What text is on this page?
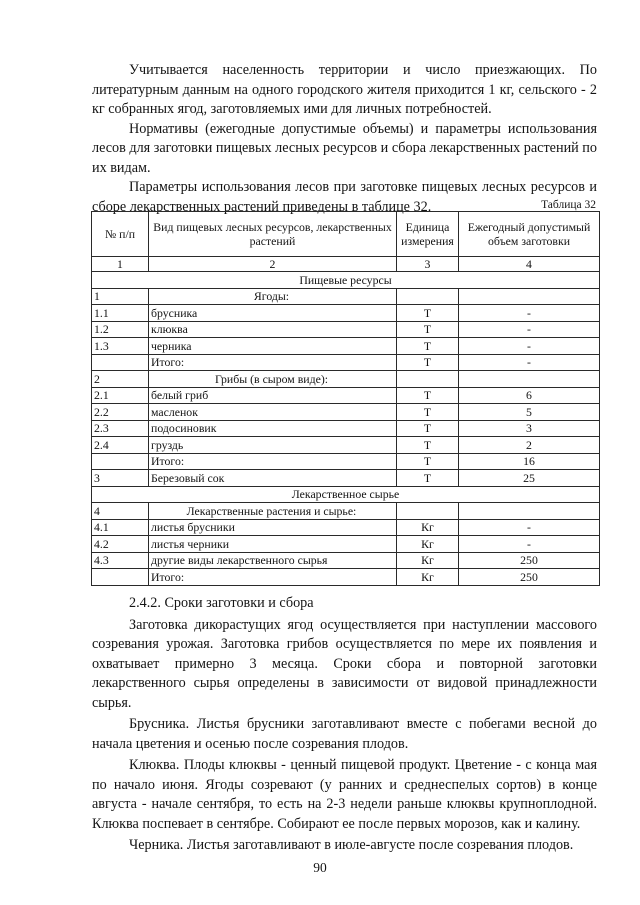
Учитывается населенность территории и число приезжающих. По литературным данным на одного городского жителя приходится 1 кг, сельского - 2 кг собранных ягод, заготовляемых ими для личных потребностей.

Нормативы (ежегодные допустимые объемы) и параметры использования лесов для заготовки пищевых лесных ресурсов и сбора лекарственных растений по их видам.

Параметры использования лесов при заготовке пищевых лесных ресурсов и сборе лекарственных растений приведены в таблице 32.	Таблица 32
№ п/п	Вид пищевых лесных ресурсов, лекарственных растений	Единица измерения	Ежегодный допустимый объем заготовки
1	2	3	4
Пищевые ресурсы			
1	Ягоды:		
1.1	брусника	Т	-
1.2	клюква	Т	-
1.3	черника	Т	-
	Итого:	Т	-
2	Грибы (в сыром виде):		
2.1	белый гриб	Т	6
2.2	масленок	Т	5
2.3	подосиновик	Т	3
2.4	груздь	Т	2
	Итого:	Т	16
3	Березовый сок	Т	25
Лекарственное сырье			
4	Лекарственные растения и сырье:		
4.1	листья брусники	Кг	-
4.2	листья черники	Кг	-
4.3	другие виды лекарственного сырья	Кг	250
	Итого:	Кг	250

2.4.2. Сроки заготовки и сбора

Заготовка дикорастущих ягод осуществляется при наступлении массового созревания урожая. Заготовка грибов осуществляется по мере их появления и охватывает примерно 3 месяца. Сроки сбора и повторной заготовки лекарственного сырья определены в зависимости от видовой принадлежности сырья.

Брусника. Листья брусники заготавливают вместе с побегами весной до начала цветения и осенью после созревания плодов.

Клюква. Плоды клюквы - ценный пищевой продукт. Цветение - с конца мая по начало июня. Ягоды созревают (у ранних и среднеспелых сортов) в конце августа - начале сентября, то есть на 2-3 недели раньше клюквы крупноплодной. Клюква поспевает в сентябре. Собирают ее после первых морозов, как и калину.

Черника. Листья заготавливают в июле-августе после созревания плодов.

90
